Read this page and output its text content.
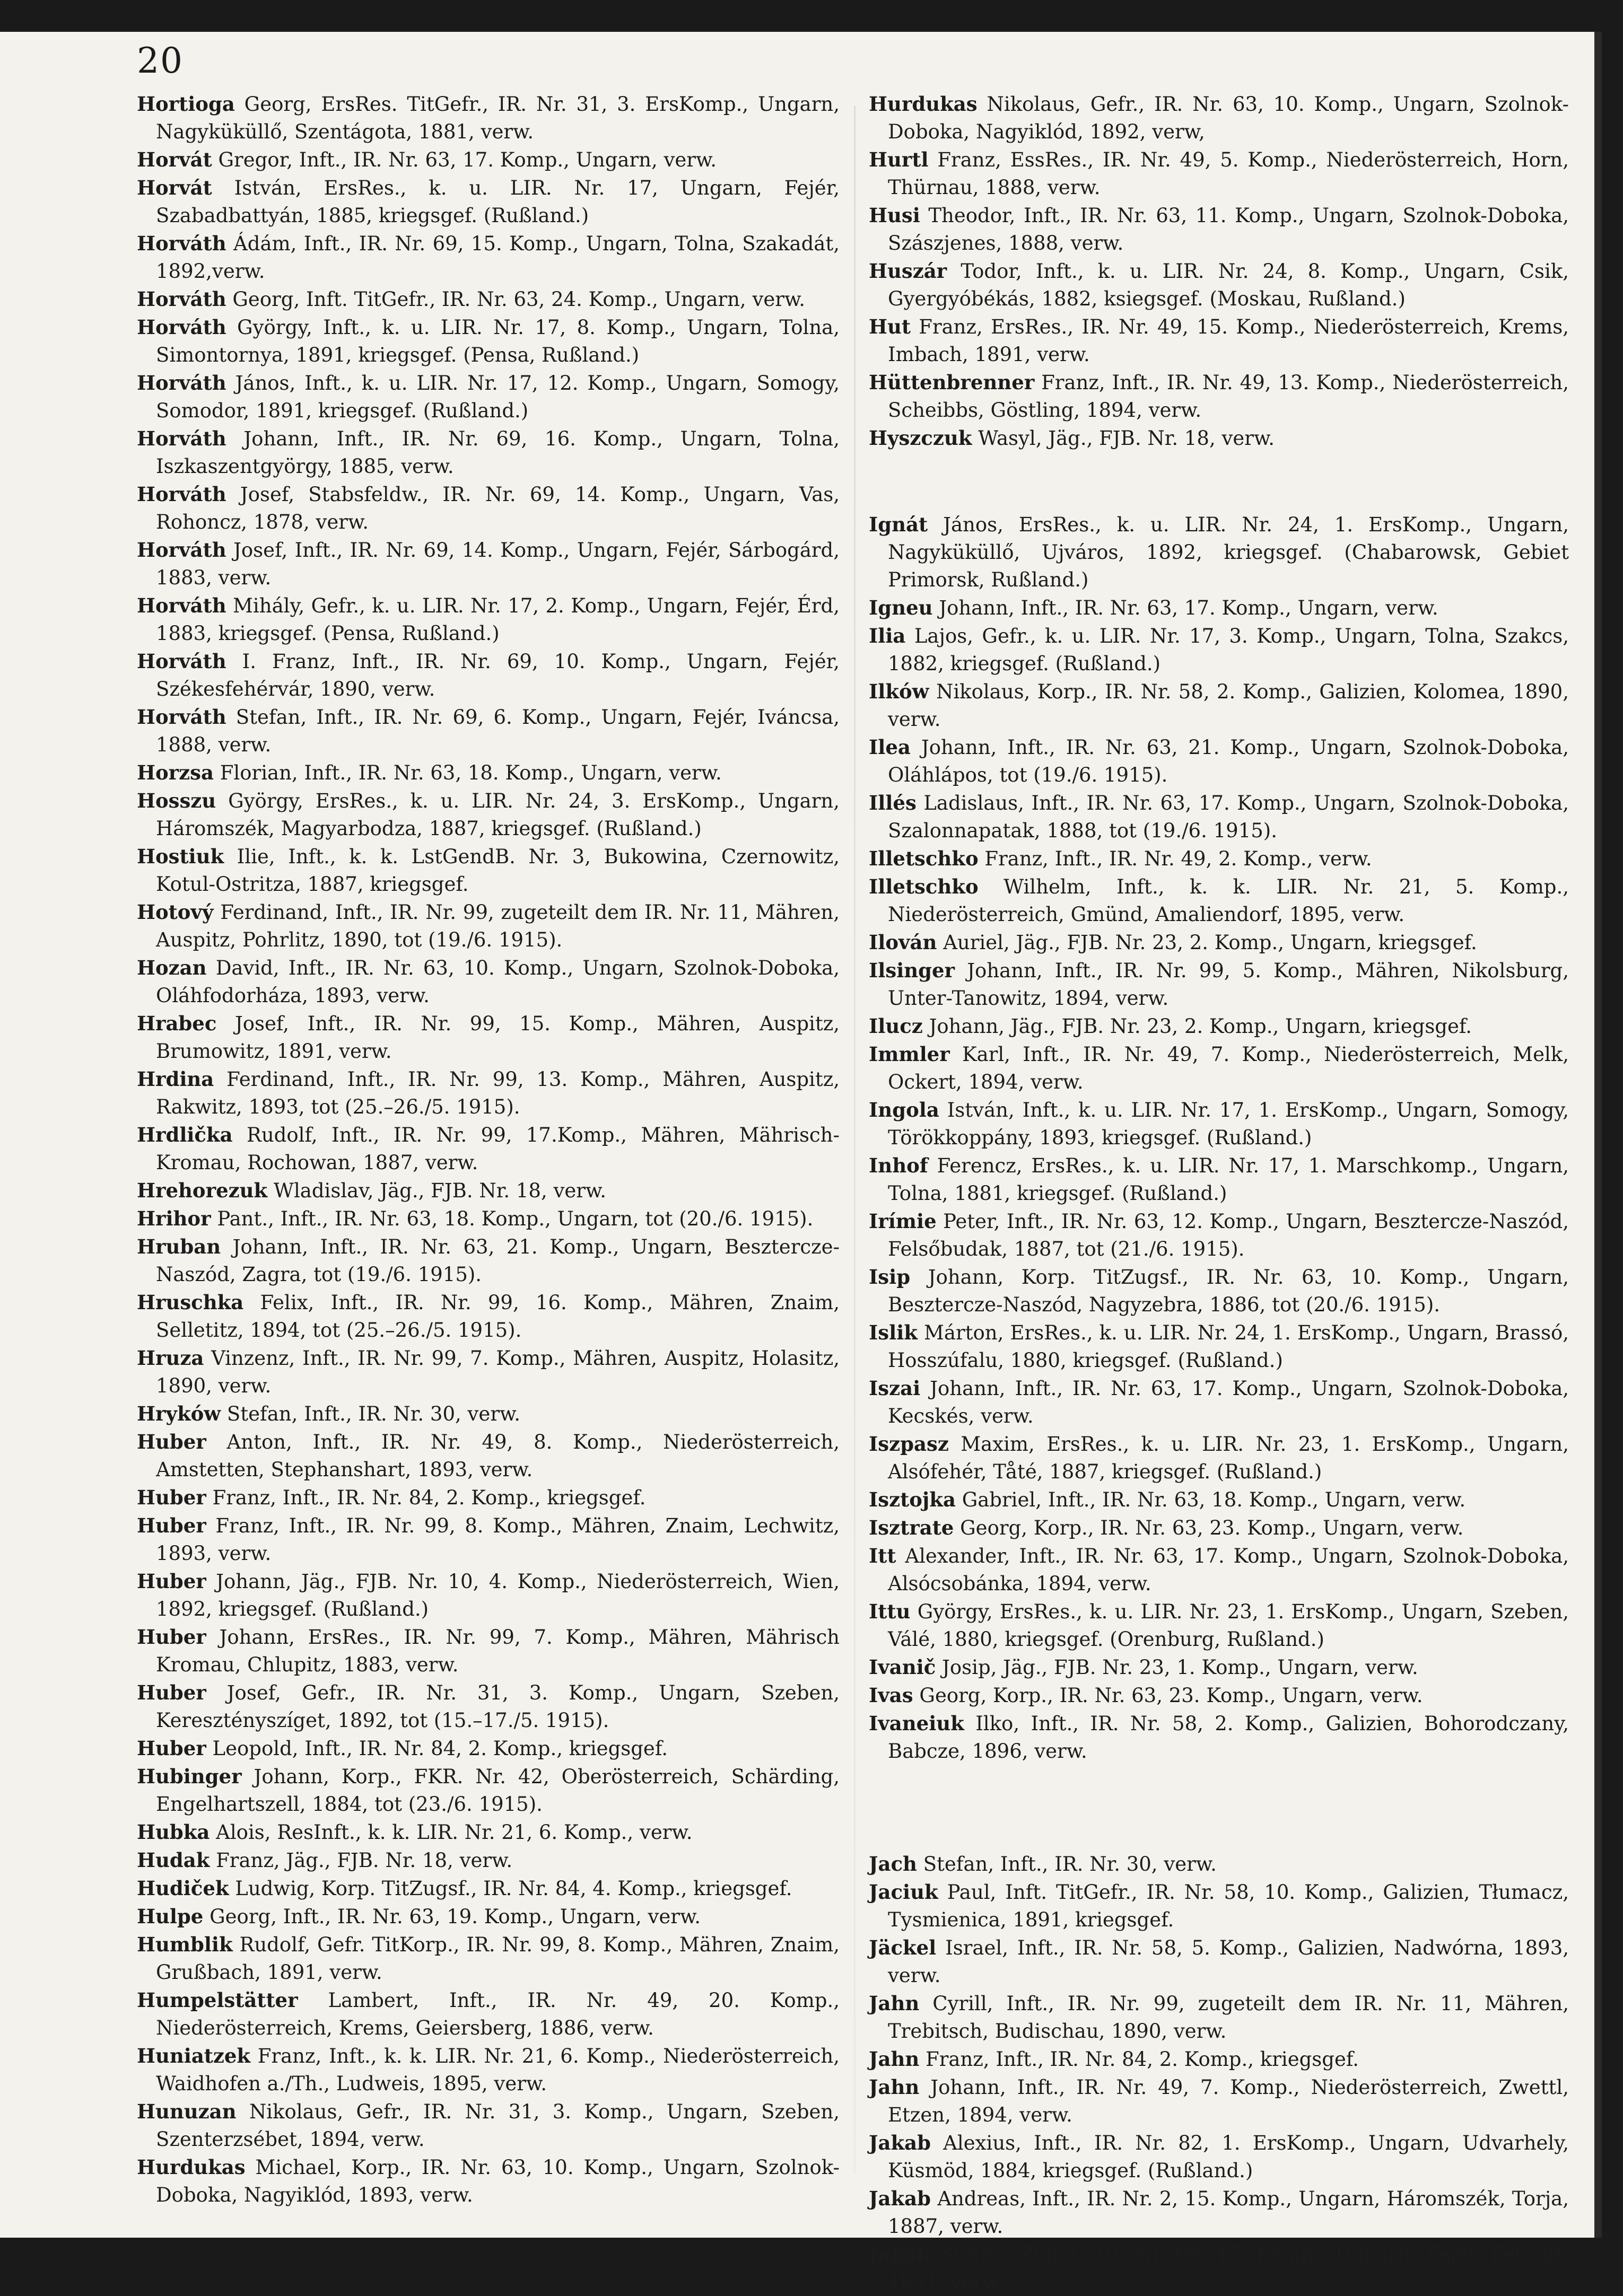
20
Hortioga Georg, ErsRes. TitGefr., IR. Nr. 31, 3. ErsKomp., Ungarn, Nagyküküllő, Szentágota, 1881, verw.
Horvát Gregor, Inft., IR. Nr. 63, 17. Komp., Ungarn, verw.
Horvát István, ErsRes., k. u. LIR. Nr. 17, Ungarn, Fejér, Szabadbattyán, 1885, kriegsgef. (Rußland.)
Horváth Ádám, Inft., IR. Nr. 69, 15. Komp., Ungarn, Tolna, Szakadát, 1892,verw.
Horváth Georg, Inft. TitGefr., IR. Nr. 63, 24. Komp., Ungarn, verw.
Horváth György, Inft., k. u. LIR. Nr. 17, 8. Komp., Ungarn, Tolna, Simontornya, 1891, kriegsgef. (Pensa, Rußland.)
Horváth János, Inft., k. u. LIR. Nr. 17, 12. Komp., Ungarn, Somogy, Somodor, 1891, kriegsgef. (Rußland.)
Horváth Johann, Inft., IR. Nr. 69, 16. Komp., Ungarn, Tolna, Iszkaszentgyörgy, 1885, verw.
Horváth Josef, Stabsfeldw., IR. Nr. 69, 14. Komp., Ungarn, Vas, Rohoncz, 1878, verw.
Horváth Josef, Inft., IR. Nr. 69, 14. Komp., Ungarn, Fejér, Sárbogárd, 1883, verw.
Horváth Mihály, Gefr., k. u. LIR. Nr. 17, 2. Komp., Ungarn, Fejér, Érd, 1883, kriegsgef. (Pensa, Rußland.)
Horváth I. Franz, Inft., IR. Nr. 69, 10. Komp., Ungarn, Fejér, Székesfehérvár, 1890, verw.
Horváth Stefan, Inft., IR. Nr. 69, 6. Komp., Ungarn, Fejér, Iváncsa, 1888, verw.
Horzsa Florian, Inft., IR. Nr. 63, 18. Komp., Ungarn, verw.
Hosszu György, ErsRes., k. u. LIR. Nr. 24, 3. ErsKomp., Ungarn, Háromszék, Magyarbodza, 1887, kriegsgef. (Rußland.)
Hostiuk Ilie, Inft., k. k. LstGendB. Nr. 3, Bukowina, Czernowitz, Kotul-Ostritza, 1887, kriegsgef.
Hotový Ferdinand, Inft., IR. Nr. 99, zugeteilt dem IR. Nr. 11, Mähren, Auspitz, Pohrlitz, 1890, tot (19./6. 1915).
Hozan David, Inft., IR. Nr. 63, 10. Komp., Ungarn, Szolnok-Doboka, Oláhfodorháza, 1893, verw.
Hrabec Josef, Inft., IR. Nr. 99, 15. Komp., Mähren, Auspitz, Brumowitz, 1891, verw.
Hrdina Ferdinand, Inft., IR. Nr. 99, 13. Komp., Mähren, Auspitz, Rakwitz, 1893, tot (25.–26./5. 1915).
Hrdlička Rudolf, Inft., IR. Nr. 99, 17.Komp., Mähren, Mährisch-Kromau, Rochowan, 1887, verw.
Hrehorezuk Wladislav, Jäg., FJB. Nr. 18, verw.
Hrihor Pant., Inft., IR. Nr. 63, 18. Komp., Ungarn, tot (20./6. 1915).
Hruban Johann, Inft., IR. Nr. 63, 21. Komp., Ungarn, Beszterczе-Naszód, Zagra, tot (19./6. 1915).
Hruschka Felix, Inft., IR. Nr. 99, 16. Komp., Mähren, Znaim, Selletitz, 1894, tot (25.–26./5. 1915).
Hruza Vinzenz, Inft., IR. Nr. 99, 7. Komp., Mähren, Auspitz, Holasitz, 1890, verw.
Hryków Stefan, Inft., IR. Nr. 30, verw.
Huber Anton, Inft., IR. Nr. 49, 8. Komp., Niederösterreich, Amstetten, Stephanshart, 1893, verw.
Huber Franz, Inft., IR. Nr. 84, 2. Komp., kriegsgef.
Huber Franz, Inft., IR. Nr. 99, 8. Komp., Mähren, Znaim, Lechwitz, 1893, verw.
Huber Johann, Jäg., FJB. Nr. 10, 4. Komp., Niederösterreich, Wien, 1892, kriegsgef. (Rußland.)
Huber Johann, ErsRes., IR. Nr. 99, 7. Komp., Mähren, Mährisch Kromau, Chlupitz, 1883, verw.
Huber Josef, Gefr., IR. Nr. 31, 3. Komp., Ungarn, Szeben, Keresztényszíget, 1892, tot (15.–17./5. 1915).
Huber Leopold, Inft., IR. Nr. 84, 2. Komp., kriegsgef.
Hubinger Johann, Korp., FKR. Nr. 42, Oberösterreich, Schärding, Engelhartszell, 1884, tot (23./6. 1915).
Hubka Alois, ResInft., k. k. LIR. Nr. 21, 6. Komp., verw.
Hudak Franz, Jäg., FJB. Nr. 18, verw.
Hudiček Ludwig, Korp. TitZugsf., IR. Nr. 84, 4. Komp., kriegsgef.
Hulpe Georg, Inft., IR. Nr. 63, 19. Komp., Ungarn, verw.
Humblik Rudolf, Gefr. TitKorp., IR. Nr. 99, 8. Komp., Mähren, Znaim, Grußbach, 1891, verw.
Humpelstätter Lambert, Inft., IR. Nr. 49, 20. Komp., Niederösterreich, Krems, Geiersberg, 1886, verw.
Huniatzek Franz, Inft., k. k. LIR. Nr. 21, 6. Komp., Niederösterreich, Waidhofen a./Th., Ludweis, 1895, verw.
Hunuzan Nikolaus, Gefr., IR. Nr. 31, 3. Komp., Ungarn, Szeben, Szenterzsébet, 1894, verw.
Hurdukas Michael, Korp., IR. Nr. 63, 10. Komp., Ungarn, Szolnok-Doboka, Nagyiklód, 1893, verw.
Hurdukas Nikolaus, Gefr., IR. Nr. 63, 10. Komp., Ungarn, Szolnok-Doboka, Nagyiklód, 1892, verw,
Hurtl Franz, EssRes., IR. Nr. 49, 5. Komp., Niederösterreich, Horn, Thürnau, 1888, verw.
Husi Theodor, Inft., IR. Nr. 63, 11. Komp., Ungarn, Szolnok-Doboka, Szászjenes, 1888, verw.
Huszár Todor, Inft., k. u. LIR. Nr. 24, 8. Komp., Ungarn, Csik, Gyergyóbékás, 1882, ksiegsgef. (Moskau, Rußland.)
Hut Franz, ErsRes., IR. Nr. 49, 15. Komp., Niederösterreich, Krems, Imbach, 1891, verw.
Hüttenbrenner Franz, Inft., IR. Nr. 49, 13. Komp., Niederösterreich, Scheibbs, Göstling, 1894, verw.
Hyszczuk Wasyl, Jäg., FJB. Nr. 18, verw.
Ignát János, ErsRes., k. u. LIR. Nr. 24, 1. ErsKomp., Ungarn, Nagyküküllő, Ujváros, 1892, kriegsgef. (Chabarowsk, Gebiet Primorsk, Rußland.)
Igneu Johann, Inft., IR. Nr. 63, 17. Komp., Ungarn, verw.
Ilia Lajos, Gefr., k. u. LIR. Nr. 17, 3. Komp., Ungarn, Tolna, Szakcs, 1882, kriegsgef. (Rußland.)
Ilków Nikolaus, Korp., IR. Nr. 58, 2. Komp., Galizien, Kolomea, 1890, verw.
Ilea Johann, Inft., IR. Nr. 63, 21. Komp., Ungarn, Szolnok-Doboka, Oláhlápos, tot (19./6. 1915).
Illés Ladislaus, Inft., IR. Nr. 63, 17. Komp., Ungarn, Szolnok-Doboka, Szalonnapatak, 1888, tot (19./6. 1915).
Illetschko Franz, Inft., IR. Nr. 49, 2. Komp., verw.
Illetschko Wilhelm, Inft., k. k. LIR. Nr. 21, 5. Komp., Niederösterreich, Gmünd, Amaliendorf, 1895, verw.
Ilován Auriel, Jäg., FJB. Nr. 23, 2. Komp., Ungarn, kriegsgef.
Ilsinger Johann, Inft., IR. Nr. 99, 5. Komp., Mähren, Nikolsburg, Unter-Tanowitz, 1894, verw.
Ilucz Johann, Jäg., FJB. Nr. 23, 2. Komp., Ungarn, kriegsgef.
Immler Karl, Inft., IR. Nr. 49, 7. Komp., Niederösterreich, Melk, Ockert, 1894, verw.
Ingola István, Inft., k. u. LIR. Nr. 17, 1. ErsKomp., Ungarn, Somogy, Törökkoppány, 1893, kriegsgef. (Rußland.)
Inhof Ferencz, ErsRes., k. u. LIR. Nr. 17, 1. Marschkomp., Ungarn, Tolna, 1881, kriegsgef. (Rußland.)
Irímie Peter, Inft., IR. Nr. 63, 12. Komp., Ungarn, Beszterczе-Naszód, Felsőbudak, 1887, tot (21./6. 1915).
Isip Johann, Korp. TitZugsf., IR. Nr. 63, 10. Komp., Ungarn, Beszterczе-Naszód, Nagyzebra, 1886, tot (20./6. 1915).
Islik Márton, ErsRes., k. u. LIR. Nr. 24, 1. ErsKomp., Ungarn, Brassó, Hosszúfalu, 1880, kriegsgef. (Rußland.)
Iszai Johann, Inft., IR. Nr. 63, 17. Komp., Ungarn, Szolnok-Doboka, Kecskés, verw.
Iszpasz Maxim, ErsRes., k. u. LIR. Nr. 23, 1. ErsKomp., Ungarn, Alsófehér, Tåté, 1887, kriegsgef. (Rußland.)
Isztojka Gabriel, Inft., IR. Nr. 63, 18. Komp., Ungarn, verw.
Isztrate Georg, Korp., IR. Nr. 63, 23. Komp., Ungarn, verw.
Itt Alexander, Inft., IR. Nr. 63, 17. Komp., Ungarn, Szolnok-Doboka, Alsócsobánka, 1894, verw.
Ittu György, ErsRes., k. u. LIR. Nr. 23, 1. ErsKomp., Ungarn, Szeben, Válé, 1880, kriegsgef. (Orenburg, Rußland.)
Ivanič Josip, Jäg., FJB. Nr. 23, 1. Komp., Ungarn, verw.
Ivas Georg, Korp., IR. Nr. 63, 23. Komp., Ungarn, verw.
Ivaneiuk Ilko, Inft., IR. Nr. 58, 2. Komp., Galizien, Bohorodczany, Babcze, 1896, verw.
Jach Stefan, Inft., IR. Nr. 30, verw.
Jaciuk Paul, Inft. TitGefr., IR. Nr. 58, 10. Komp., Galizien, Tłumacz, Tysmienica, 1891, kriegsgef.
Jäckel Israel, Inft., IR. Nr. 58, 5. Komp., Galizien, Nadwórna, 1893, verw.
Jahn Cyrill, Inft., IR. Nr. 99, zugeteilt dem IR. Nr. 11, Mähren, Trebitsch, Budischau, 1890, verw.
Jahn Franz, Inft., IR. Nr. 84, 2. Komp., kriegsgef.
Jahn Johann, Inft., IR. Nr. 49, 7. Komp., Niederösterreich, Zwettl, Etzen, 1894, verw.
Jakab Alexius, Inft., IR. Nr. 82, 1. ErsKomp., Ungarn, Udvarhely, Küsmöd, 1884, kriegsgef. (Rußland.)
Jakab Andreas, Inft., IR. Nr. 2, 15. Komp., Ungarn, Háromszék, Torja, 1887, verw.
Jakab Stefan, Zugsf., IR. Nr. 69, 15. Komp., Ungarn, Fejér, Felcsút, 1891, verw.
